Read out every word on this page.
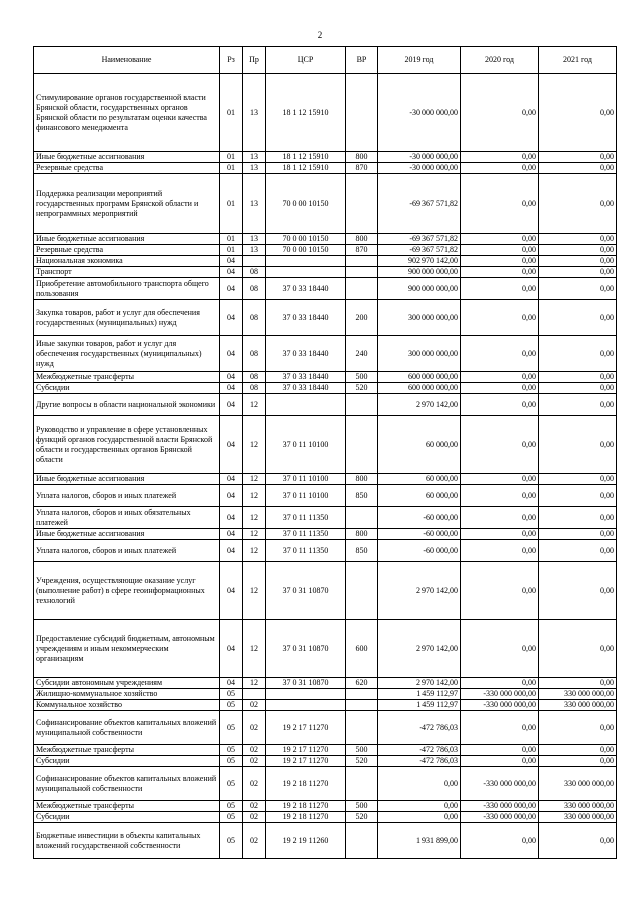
2
Наименование	Рз	Пр	ЦСР	ВР	2019 год	2020 год	2021 год
Стимулирование органов государственной власти Брянской области, государственных органов Брянской области по результатам оценки качества финансового менеджмента	01	13	18 1 12 15910		-30 000 000,00	0,00	0,00
Иные бюджетные ассигнования	01	13	18 1 12 15910	800	-30 000 000,00	0,00	0,00
Резервные средства	01	13	18 1 12 15910	870	-30 000 000,00	0,00	0,00
Поддержка реализации мероприятий государственных программ Брянской области и непрограммных мероприятий	01	13	70 0 00 10150		-69 367 571,82	0,00	0,00
Иные бюджетные ассигнования	01	13	70 0 00 10150	800	-69 367 571,82	0,00	0,00
Резервные средства	01	13	70 0 00 10150	870	-69 367 571,82	0,00	0,00
Национальная экономика	04				902 970 142,00	0,00	0,00
Транспорт	04	08			900 000 000,00	0,00	0,00
Приобретение автомобильного транспорта общего пользования	04	08	37 0 33 18440		900 000 000,00	0,00	0,00
Закупка товаров, работ и услуг для обеспечения государственных (муниципальных) нужд	04	08	37 0 33 18440	200	300 000 000,00	0,00	0,00
Иные закупки товаров, работ и услуг для обеспечения государственных (муниципальных) нужд	04	08	37 0 33 18440	240	300 000 000,00	0,00	0,00
Межбюджетные трансферты	04	08	37 0 33 18440	500	600 000 000,00	0,00	0,00
Субсидии	04	08	37 0 33 18440	520	600 000 000,00	0,00	0,00
Другие вопросы в области национальной экономики	04	12			2 970 142,00	0,00	0,00
Руководство и управление в сфере установленных функций органов государственной власти Брянской области и государственных органов Брянской области	04	12	37 0 11 10100		60 000,00	0,00	0,00
Иные бюджетные ассигнования	04	12	37 0 11 10100	800	60 000,00	0,00	0,00
Уплата налогов, сборов и иных платежей	04	12	37 0 11 10100	850	60 000,00	0,00	0,00
Уплата налогов, сборов и иных обязательных платежей	04	12	37 0 11 11350		-60 000,00	0,00	0,00
Иные бюджетные ассигнования	04	12	37 0 11 11350	800	-60 000,00	0,00	0,00
Уплата налогов, сборов и иных платежей	04	12	37 0 11 11350	850	-60 000,00	0,00	0,00
Учреждения, осуществляющие оказание услуг (выполнение работ) в сфере геоинформационных технологий	04	12	37 0 31 10870		2 970 142,00	0,00	0,00
Предоставление субсидий бюджетным, автономным учреждениям и иным некоммерческим организациям	04	12	37 0 31 10870	600	2 970 142,00	0,00	0,00
Субсидии автономным учреждениям	04	12	37 0 31 10870	620	2 970 142,00	0,00	0,00
Жилищно-коммунальное хозяйство	05				1 459 112,97	-330 000 000,00	330 000 000,00
Коммунальное хозяйство	05	02			1 459 112,97	-330 000 000,00	330 000 000,00
Софинансирование объектов капитальных вложений муниципальной собственности	05	02	19 2 17 11270		-472 786,03	0,00	0,00
Межбюджетные трансферты	05	02	19 2 17 11270	500	-472 786,03	0,00	0,00
Субсидии	05	02	19 2 17 11270	520	-472 786,03	0,00	0,00
Софинансирование объектов капитальных вложений муниципальной собственности	05	02	19 2 18 11270		0,00	-330 000 000,00	330 000 000,00
Межбюджетные трансферты	05	02	19 2 18 11270	500	0,00	-330 000 000,00	330 000 000,00
Субсидии	05	02	19 2 18 11270	520	0,00	-330 000 000,00	330 000 000,00
Бюджетные инвестиции в объекты капитальных вложений государственной собственности	05	02	19 2 19 11260		1 931 899,00	0,00	0,00
